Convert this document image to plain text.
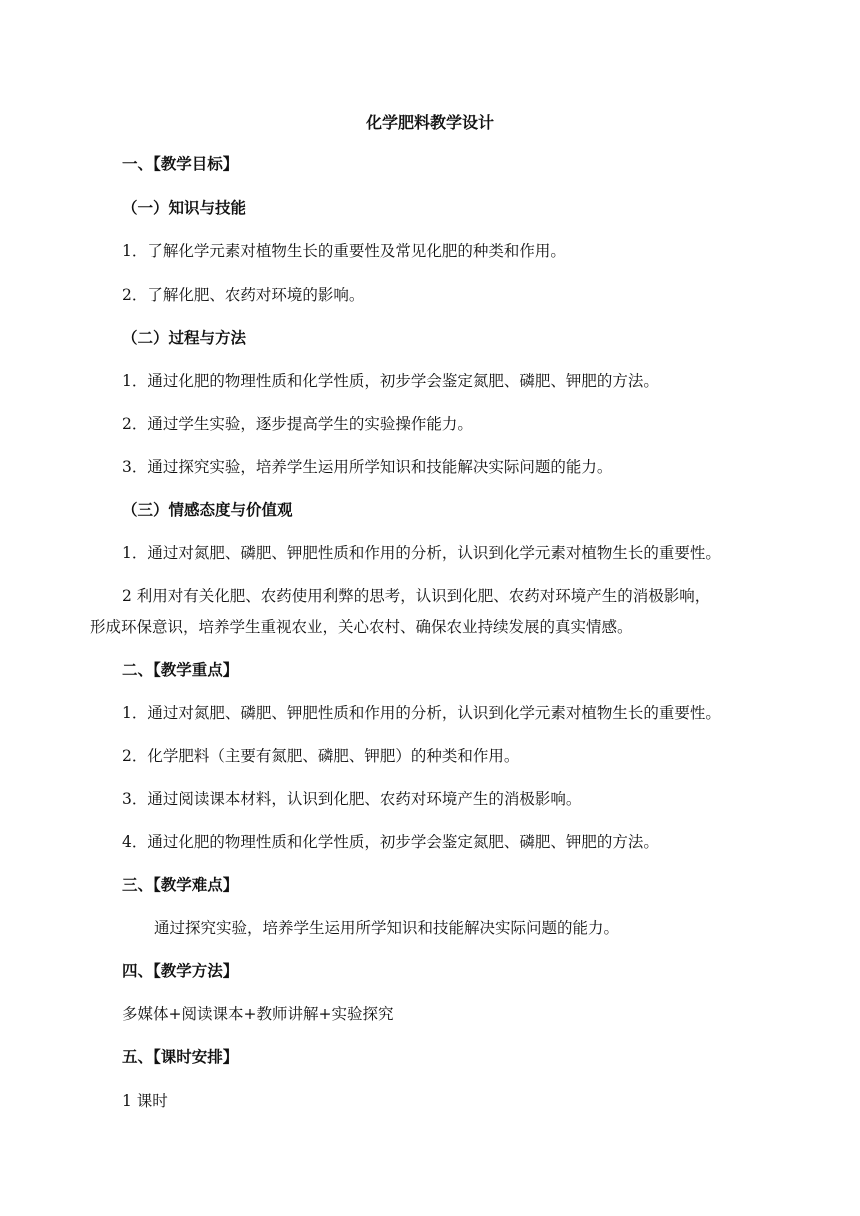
化学肥料教学设计
一、【教学目标】
（一）知识与技能
1．了解化学元素对植物生长的重要性及常见化肥的种类和作用。
2．了解化肥、农药对环境的影响。
（二）过程与方法
1．通过化肥的物理性质和化学性质，初步学会鉴定氮肥、磷肥、钾肥的方法。
2．通过学生实验，逐步提高学生的实验操作能力。
3．通过探究实验，培养学生运用所学知识和技能解决实际问题的能力。
（三）情感态度与价值观
1．通过对氮肥、磷肥、钾肥性质和作用的分析，认识到化学元素对植物生长的重要性。
2 利用对有关化肥、农药使用利弊的思考，认识到化肥、农药对环境产生的消极影响，
形成环保意识，培养学生重视农业，关心农村、确保农业持续发展的真实情感。
二、【教学重点】
1．通过对氮肥、磷肥、钾肥性质和作用的分析，认识到化学元素对植物生长的重要性。
2．化学肥料（主要有氮肥、磷肥、钾肥）的种类和作用。
3．通过阅读课本材料，认识到化肥、农药对环境产生的消极影响。
4．通过化肥的物理性质和化学性质，初步学会鉴定氮肥、磷肥、钾肥的方法。
三、【教学难点】
通过探究实验，培养学生运用所学知识和技能解决实际问题的能力。
四、【教学方法】
多媒体+阅读课本+教师讲解+实验探究
五、【课时安排】
1 课时
